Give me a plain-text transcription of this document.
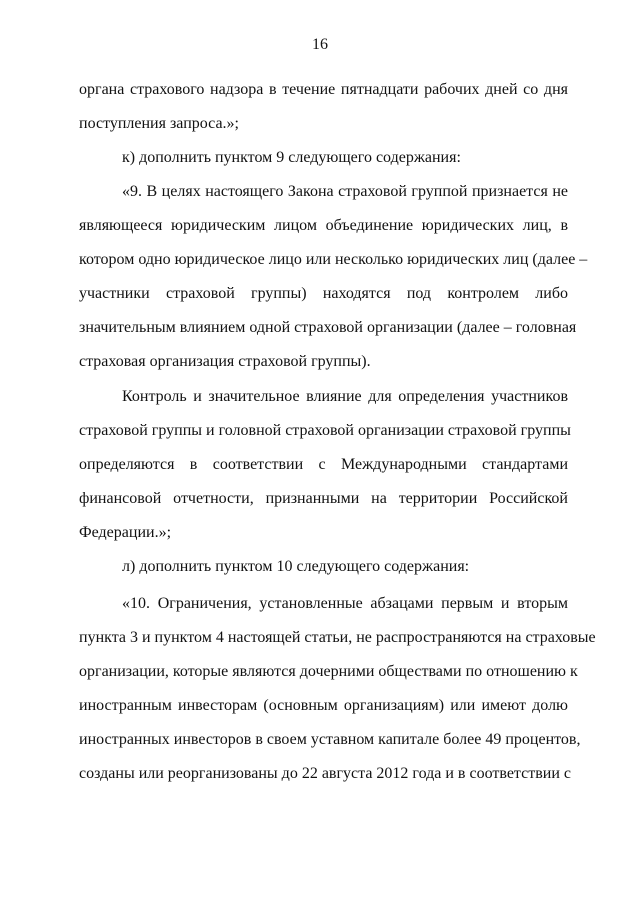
16
органа страхового надзора в течение пятнадцати рабочих дней со дня
поступления запроса.»;
к) дополнить пунктом 9 следующего содержания:
«9. В целях настоящего Закона страховой группой признается не
являющееся юридическим лицом объединение юридических лиц, в
котором одно юридическое лицо или несколько юридических лиц (далее –
участники страховой группы) находятся под контролем либо
значительным влиянием одной страховой организации (далее – головная
страховая организация страховой группы).
Контроль и значительное влияние для определения участников
страховой группы и головной страховой организации страховой группы
определяются в соответствии с Международными стандартами
финансовой отчетности, признанными на территории Российской
Федерации.»;
л) дополнить пунктом 10 следующего содержания:
«10. Ограничения, установленные абзацами первым и вторым
пункта 3 и пунктом 4 настоящей статьи, не распространяются на страховые
организации, которые являются дочерними обществами по отношению к
иностранным инвесторам (основным организациям) или имеют долю
иностранных инвесторов в своем уставном капитале более 49 процентов,
созданы или реорганизованы до 22 августа 2012 года и в соответствии с
